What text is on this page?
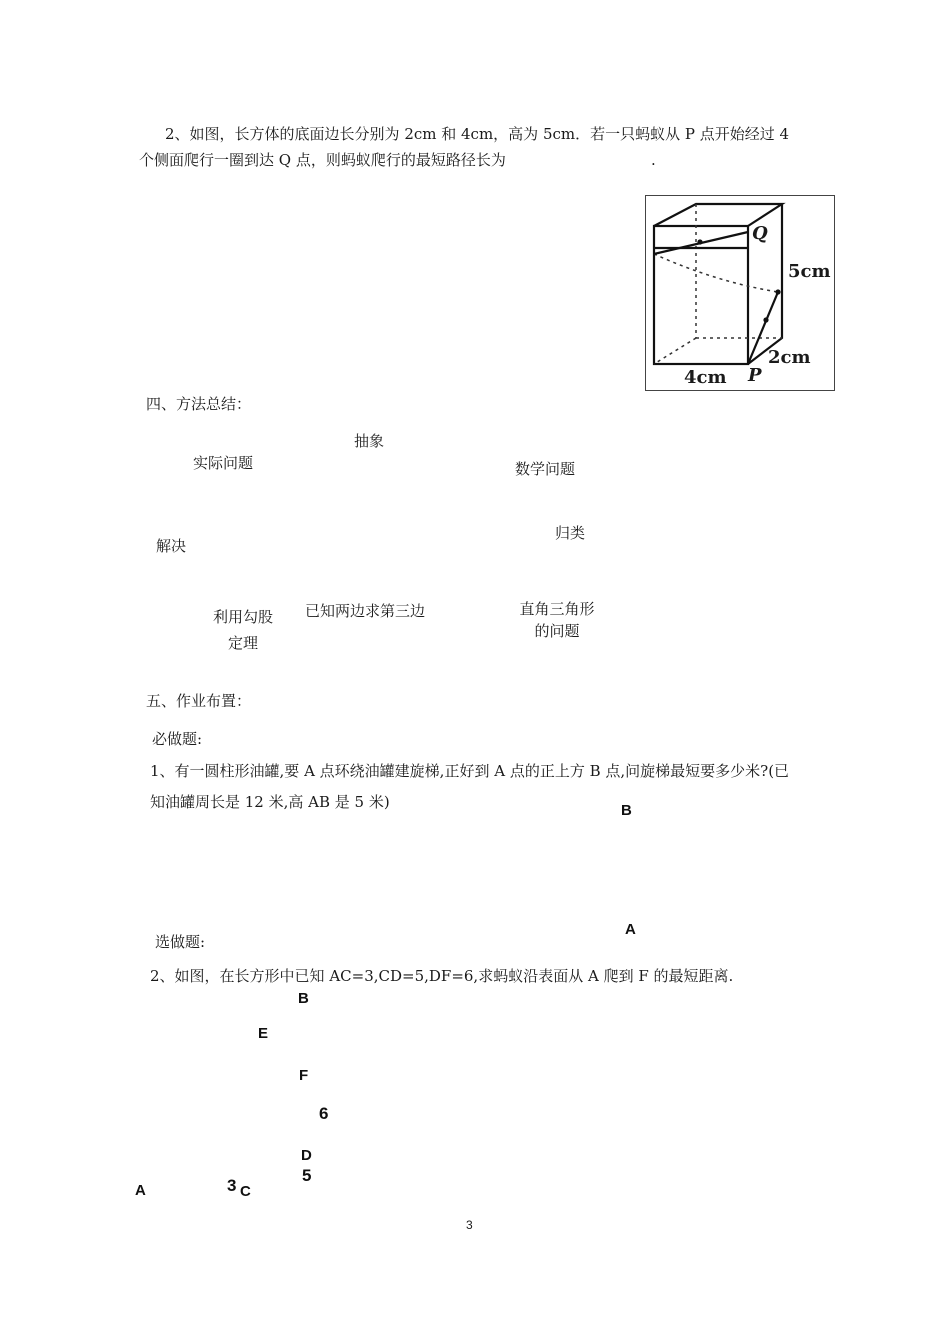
2、如图，长方体的底面边长分别为 2cm 和 4cm，高为 5cm．若一只蚂蚁从 P 点开始经过 4
个侧面爬行一圈到达 Q 点，则蚂蚁爬行的最短路径长为	.
Q
5cm
2cm
4cm P
四、方法总结：
抽象
实际问题	数学问题
归类
解决
已知两边求第三边	直角三角形
的问题
利用勾股
定理
五、作业布置：
必做题:
1、有一圆柱形油罐,要 A 点环绕油罐建旋梯,正好到 A 点的正上方 B 点,问旋梯最短要多少米?(已
知油罐周长是 12 米,高 AB 是 5 米)	B
A
选做题:
2、如图，在长方形中已知 AC=3,CD=5,DF=6,求蚂蚁沿表面从 A 爬到 F 的最短距离.
B
E
F
6
D
5
A	3 C
3
